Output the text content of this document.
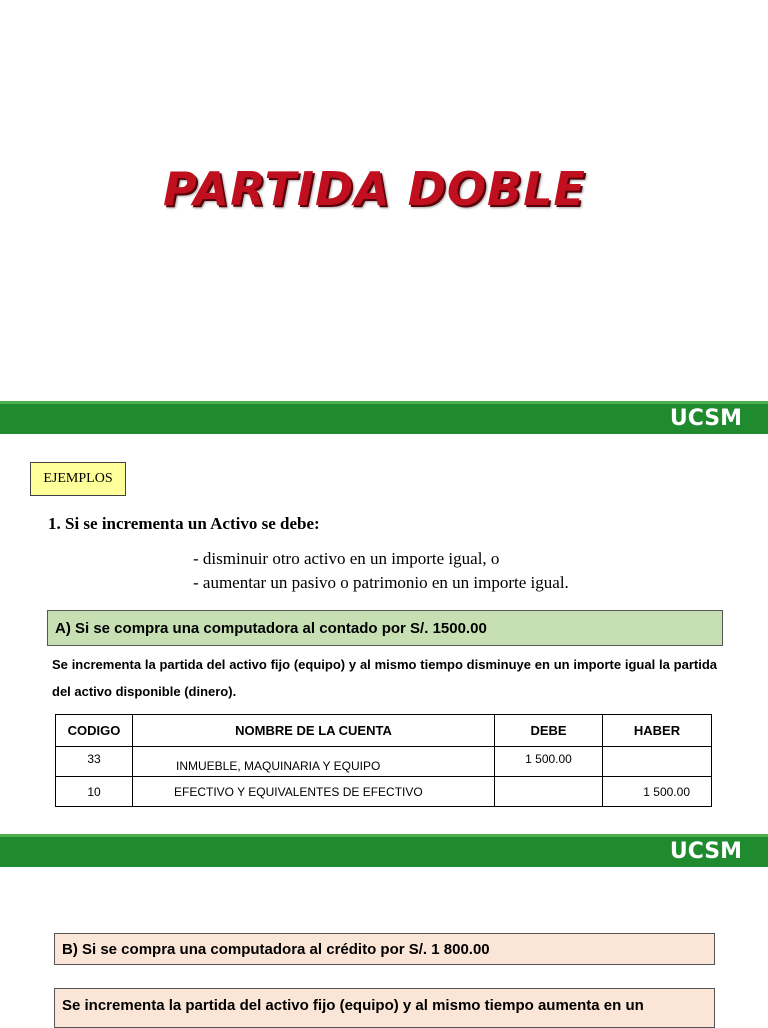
PARTIDA DOBLE
UCSM
EJEMPLOS
1. Si se incrementa un Activo se debe:
- disminuir otro activo en un importe igual, o
- aumentar un pasivo o patrimonio en un importe igual.
A) Si se compra una computadora al contado por S/. 1500.00
Se incrementa la partida del activo fijo (equipo) y al mismo tiempo disminuye en un importe igual la partida del activo disponible (dinero).
CODIGO	NOMBRE DE LA CUENTA	DEBE	HABER
33	INMUEBLE, MAQUINARIA Y EQUIPO	1 500.00	
10	EFECTIVO Y EQUIVALENTES DE EFECTIVO		1 500.00
UCSM
B) Si se compra una computadora al crédito por S/. 1 800.00
Se incrementa la partida del activo fijo (equipo) y al mismo tiempo aumenta en un
